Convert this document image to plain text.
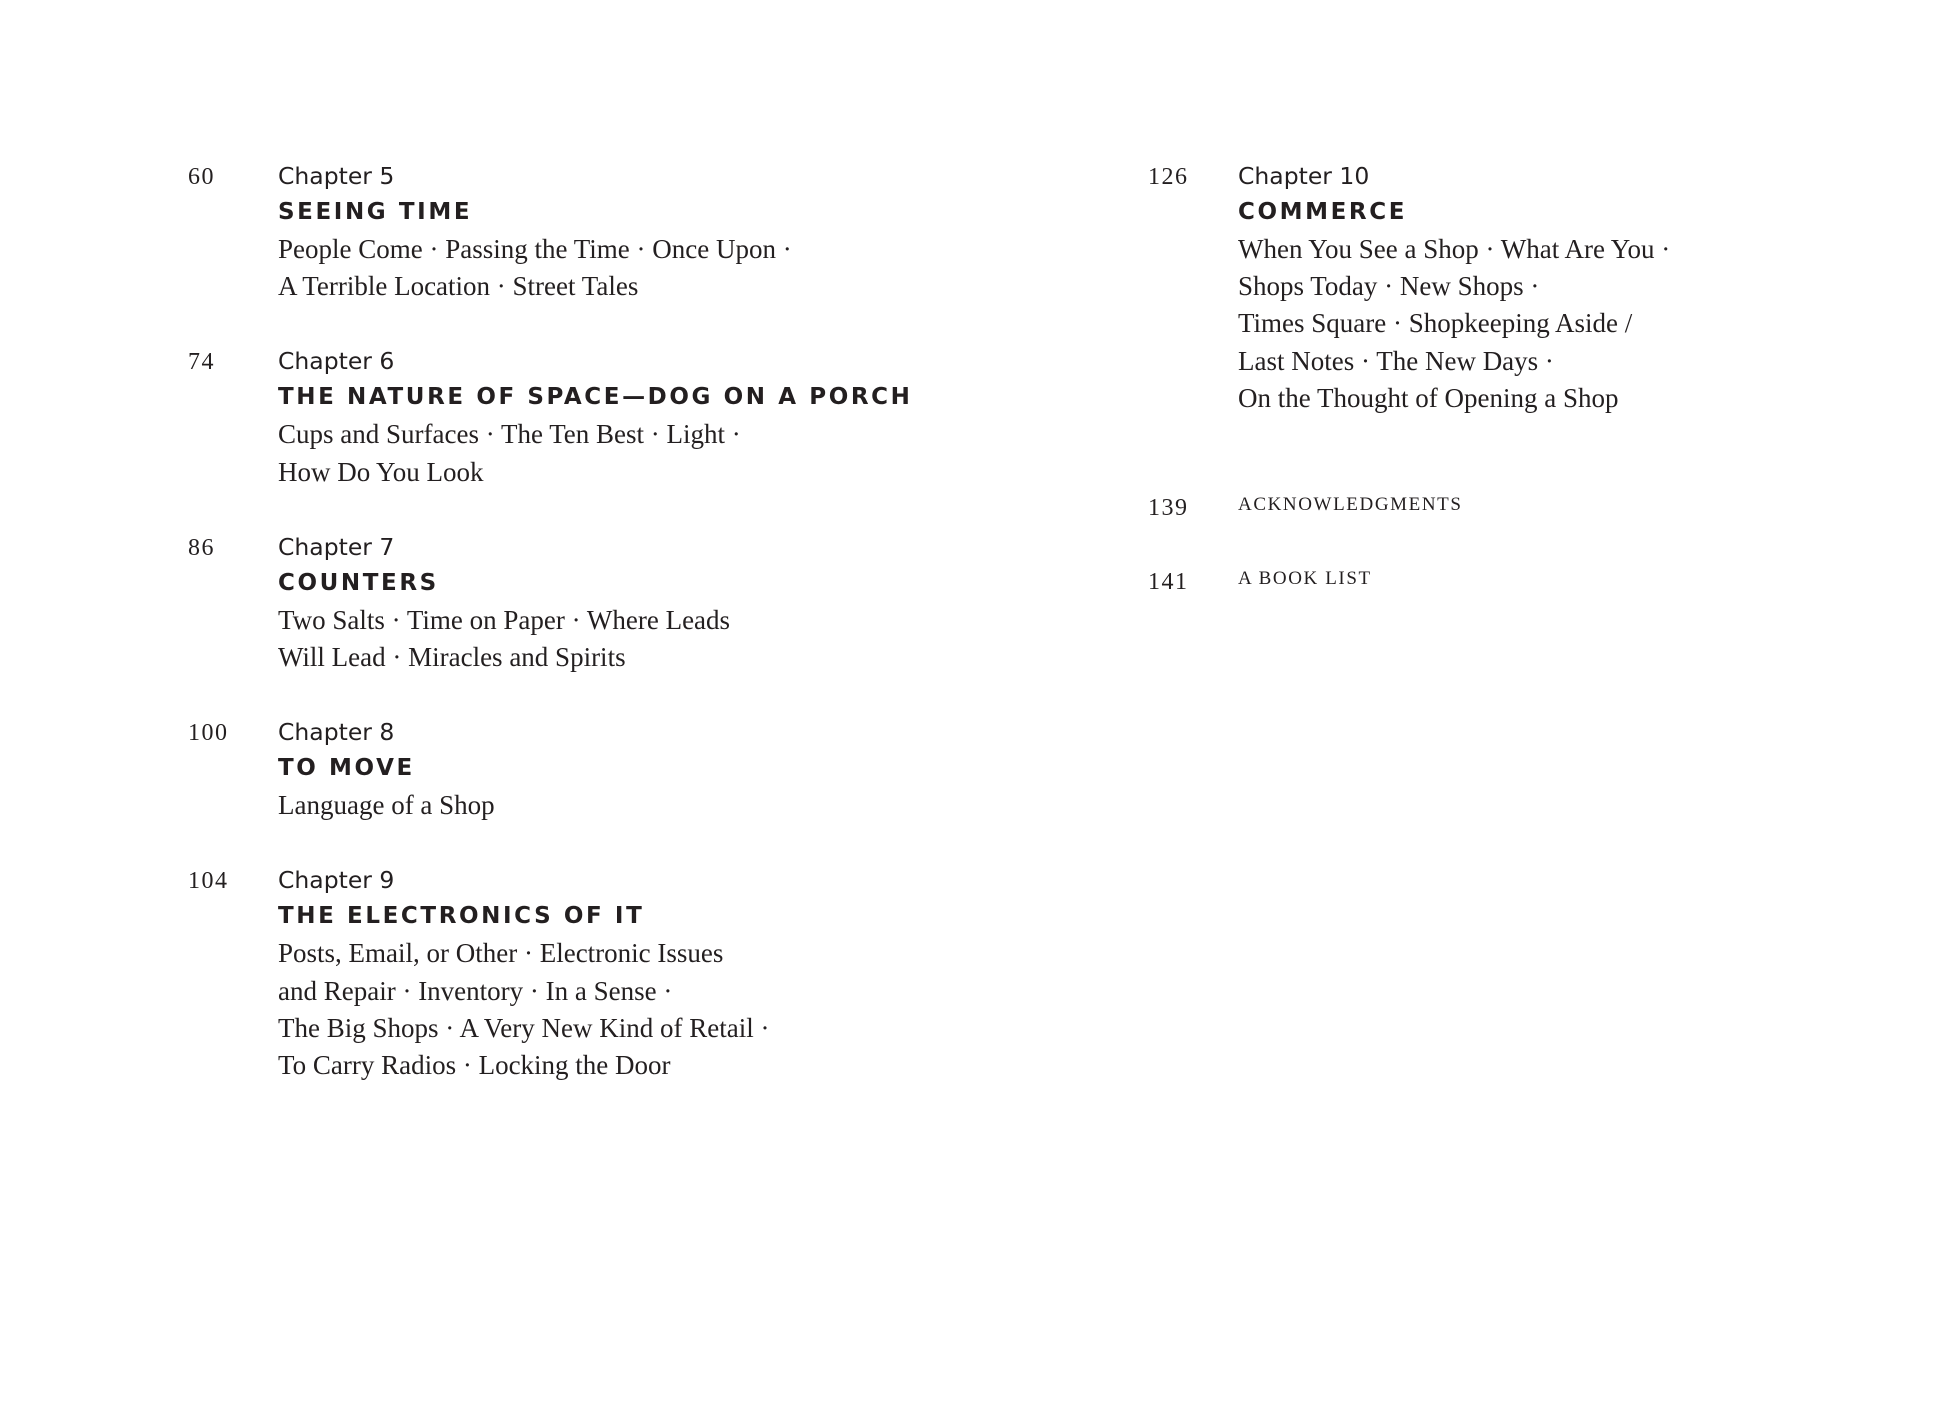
60	Chapter 5
SEEING TIME
People Come · Passing the Time · Once Upon ·
A Terrible Location · Street Tales
74	Chapter 6
THE NATURE OF SPACE—DOG ON A PORCH
Cups and Surfaces · The Ten Best · Light ·
How Do You Look
86	Chapter 7
COUNTERS
Two Salts · Time on Paper · Where Leads
Will Lead · Miracles and Spirits
100 Chapter 8
TO MOVE
Language of a Shop
104 Chapter 9
THE ELECTRONICS OF IT
Posts, Email, or Other · Electronic Issues
and Repair · Inventory · In a Sense ·
The Big Shops · A Very New Kind of Retail ·
To Carry Radios · Locking the Door
126 Chapter 10
COMMERCE
When You See a Shop · What Are You ·
Shops Today · New Shops ·
Times Square · Shopkeeping Aside /
Last Notes · The New Days ·
On the Thought of Opening a Shop
139	ACKNOWLEDGMENTS
141	A BOOK LIST
